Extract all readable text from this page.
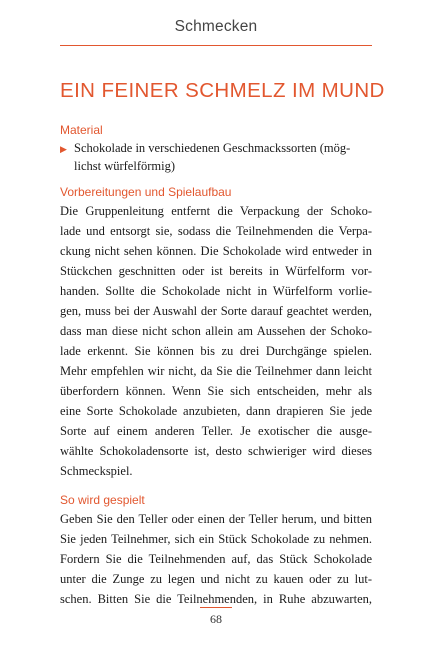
Schmecken
EIN FEINER SCHMELZ IM MUND
Material
▶ Schokolade in verschiedenen Geschmackssorten (mög-
lichst würfelförmig)
Vorbereitungen und Spielaufbau
Die Gruppenleitung entfernt die Verpackung der Schoko-
lade und entsorgt sie, sodass die Teilnehmenden die Verpa-
ckung nicht sehen können. Die Schokolade wird entweder in
Stückchen geschnitten oder ist bereits in Würfelform vor-
handen. Sollte die Schokolade nicht in Würfelform vorlie-
gen, muss bei der Auswahl der Sorte darauf geachtet werden,
dass man diese nicht schon allein am Aussehen der Schoko-
lade erkennt. Sie können bis zu drei Durchgänge spielen.
Mehr empfehlen wir nicht, da Sie die Teilnehmer dann leicht
überfordern können. Wenn Sie sich entscheiden, mehr als
eine Sorte Schokolade anzubieten, dann drapieren Sie jede
Sorte auf einem anderen Teller. Je exotischer die ausge-
wählte Schokoladensorte ist, desto schwieriger wird dieses
Schmeckspiel.
So wird gespielt
Geben Sie den Teller oder einen der Teller herum, und bitten
Sie jeden Teilnehmer, sich ein Stück Schokolade zu nehmen.
Fordern Sie die Teilnehmenden auf, das Stück Schokolade
unter die Zunge zu legen und nicht zu kauen oder zu lut-
schen. Bitten Sie die Teilnehmenden, in Ruhe abzuwarten,
68
